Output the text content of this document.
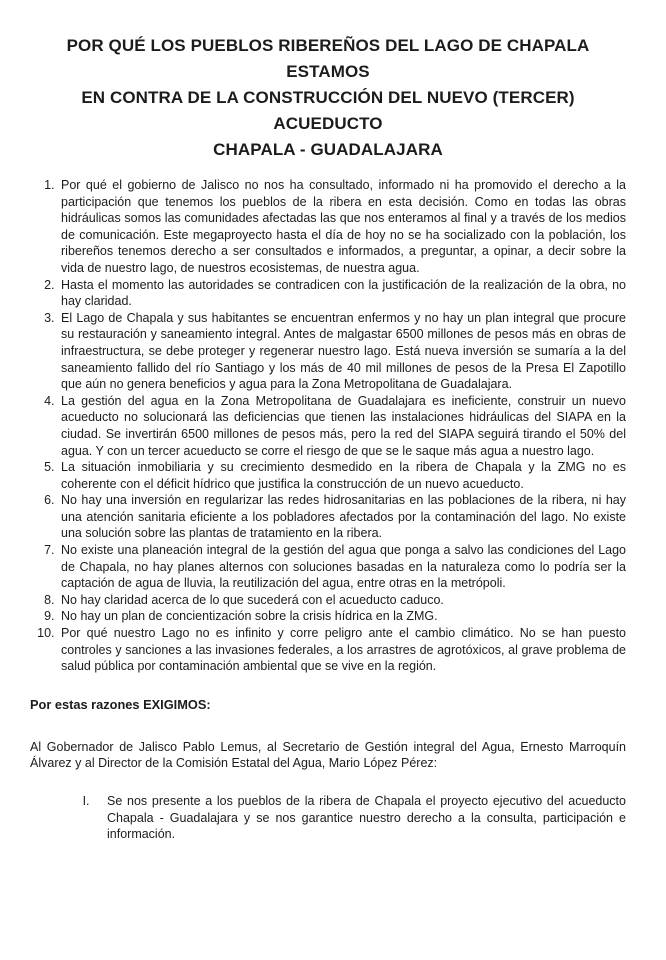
POR QUÉ LOS PUEBLOS RIBEREÑOS DEL LAGO DE CHAPALA ESTAMOS
EN CONTRA DE LA CONSTRUCCIÓN DEL NUEVO (TERCER) ACUEDUCTO
CHAPALA - GUADALAJARA
1. Por qué el gobierno de Jalisco no nos ha consultado, informado ni ha promovido el derecho a la participación que tenemos los pueblos de la ribera en esta decisión. Como en todas las obras hidráulicas somos las comunidades afectadas las que nos enteramos al final y a través de los medios de comunicación. Este megaproyecto hasta el día de hoy no se ha socializado con la población, los ribereños tenemos derecho a ser consultados e informados, a preguntar, a opinar, a decir sobre la vida de nuestro lago, de nuestros ecosistemas, de nuestra agua.
2. Hasta el momento las autoridades se contradicen con la justificación de la realización de la obra, no hay claridad.
3. El Lago de Chapala y sus habitantes se encuentran enfermos y no hay un plan integral que procure su restauración y saneamiento integral. Antes de malgastar 6500 millones de pesos más en obras de infraestructura, se debe proteger y regenerar nuestro lago. Está nueva inversión se sumaría a la del saneamiento fallido del río Santiago y los más de 40 mil millones de pesos de la Presa El Zapotillo que aún no genera beneficios y agua para la Zona Metropolitana de Guadalajara.
4. La gestión del agua en la Zona Metropolitana de Guadalajara es ineficiente, construir un nuevo acueducto no solucionará las deficiencias que tienen las instalaciones hidráulicas del SIAPA en la ciudad. Se invertirán 6500 millones de pesos más, pero la red del SIAPA seguirá tirando el 50% del agua. Y con un tercer acueducto se corre el riesgo de que se le saque más agua a nuestro lago.
5. La situación inmobiliaria y su crecimiento desmedido en la ribera de Chapala y la ZMG no es coherente con el déficit hídrico que justifica la construcción de un nuevo acueducto.
6. No hay una inversión en regularizar las redes hidrosanitarias en las poblaciones de la ribera, ni hay una atención sanitaria eficiente a los pobladores afectados por la contaminación del lago. No existe una solución sobre las plantas de tratamiento en la ribera.
7. No existe una planeación integral de la gestión del agua que ponga a salvo las condiciones del Lago de Chapala, no hay planes alternos con soluciones basadas en la naturaleza como lo podría ser la captación de agua de lluvia, la reutilización del agua, entre otras en la metrópoli.
8. No hay claridad acerca de lo que sucederá con el acueducto caduco.
9. No hay un plan de concientización sobre la crisis hídrica en la ZMG.
10. Por qué nuestro Lago no es infinito y corre peligro ante el cambio climático. No se han puesto controles y sanciones a las invasiones federales, a los arrastres de agrotóxicos, al grave problema de salud pública por contaminación ambiental que se vive en la región.

Por estas razones EXIGIMOS:

Al Gobernador de Jalisco Pablo Lemus, al Secretario de Gestión integral del Agua, Ernesto Marroquín Álvarez y al Director de la Comisión Estatal del Agua, Mario López Pérez:

I. Se nos presente a los pueblos de la ribera de Chapala el proyecto ejecutivo del acueducto Chapala - Guadalajara y se nos garantice nuestro derecho a la consulta, participación e información.
